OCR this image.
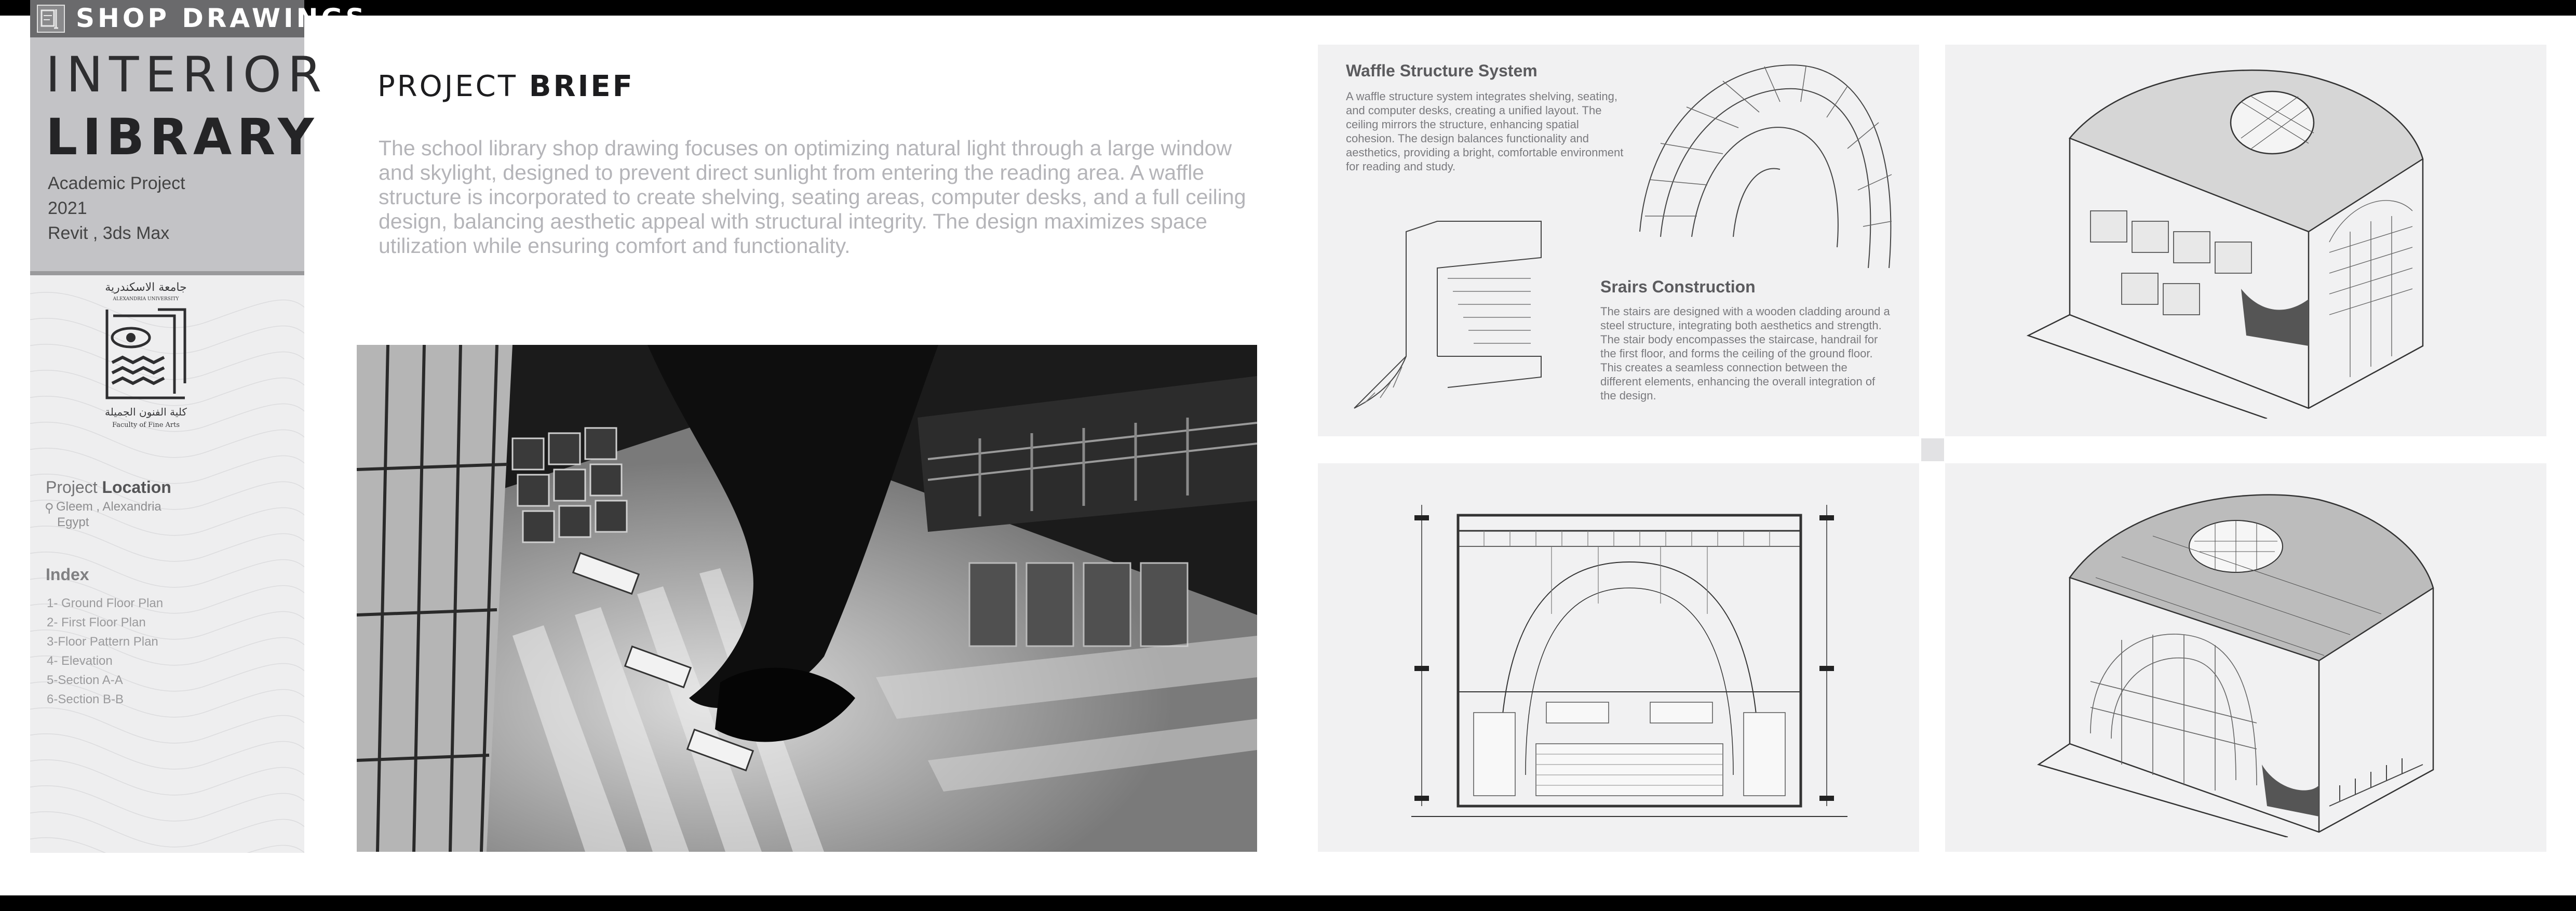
SHOP DRAWINGS_
INTERIOR
LIBRARY
Academic Project
2021
Revit , 3ds Max
جامعة الاسكندرية
ALEXANDRIA UNIVERSITY
كلية الفنون الجميلة
Faculty of Fine Arts
Project Location
⚲ Gleem , Alexandria
Egypt
Index
1- Ground Floor Plan
2- First Floor Plan
3-Floor Pattern Plan
4- Elevation
5-Section A-A
6-Section B-B
PROJECT BRIEF
The school library shop drawing focuses on optimizing natural light through a large window and skylight, designed to prevent direct sunlight from entering the reading area. A waffle structure is incorporated to create shelving, seating areas, computer desks, and a full ceiling design, balancing aesthetic appeal with structural integrity. The design maximizes space utilization while ensuring comfort and functionality.
Waffle Structure System
A waffle structure system integrates shelving, seating, and computer desks, creating a unified layout. The ceiling mirrors the structure, enhancing spatial cohesion. The design balances functionality and aesthetics, providing a bright, comfortable environment for reading and study.
Srairs Construction
The stairs are designed with a wooden cladding around a steel structure, integrating both aesthetics and strength. The stair body encompasses the staircase, handrail for the first floor, and forms the ceiling of the ground floor. This creates a seamless connection between the different elements, enhancing the overall integration of the design.
